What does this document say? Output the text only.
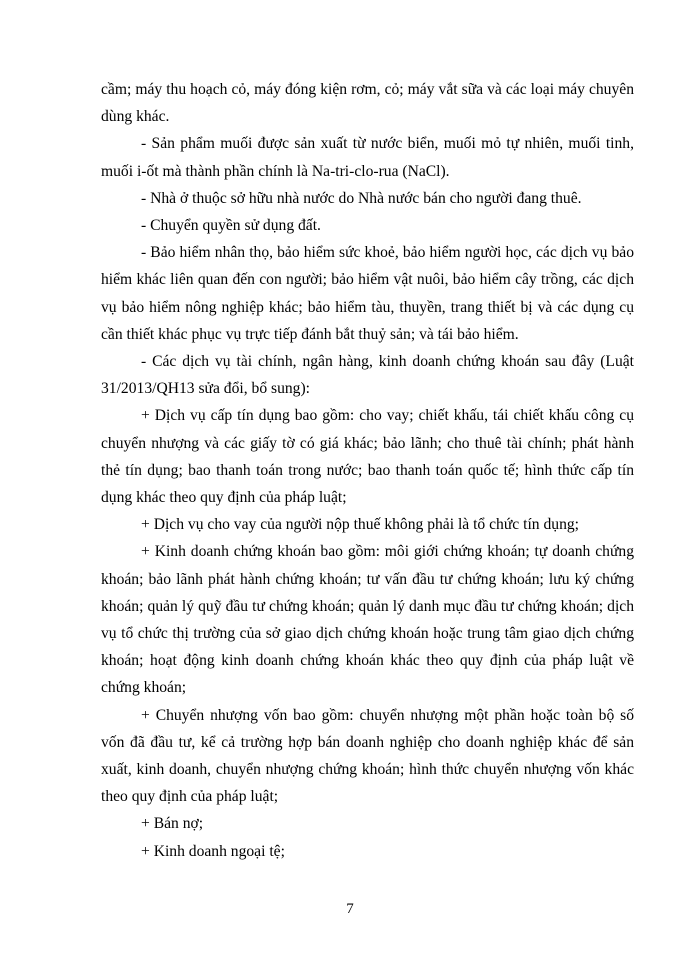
cầm; máy thu hoạch cỏ, máy đóng kiện rơm, cỏ; máy vắt sữa và các loại máy chuyên dùng khác.

- Sản phẩm muối được sản xuất từ nước biển, muối mỏ tự nhiên, muối tinh, muối i-ốt mà thành phần chính là Na-tri-clo-rua (NaCl).

- Nhà ở thuộc sở hữu nhà nước do Nhà nước bán cho người đang thuê.

- Chuyển quyền sử dụng đất.

- Bảo hiểm nhân thọ, bảo hiểm sức khoẻ, bảo hiểm người học, các dịch vụ bảo hiểm khác liên quan đến con người; bảo hiểm vật nuôi, bảo hiểm cây trồng, các dịch vụ bảo hiểm nông nghiệp khác; bảo hiểm tàu, thuyền, trang thiết bị và các dụng cụ cần thiết khác phục vụ trực tiếp đánh bắt thuỷ sản; và tái bảo hiểm.

- Các dịch vụ tài chính, ngân hàng, kinh doanh chứng khoán sau đây (Luật 31/2013/QH13 sửa đổi, bổ sung):

+ Dịch vụ cấp tín dụng bao gồm: cho vay; chiết khấu, tái chiết khấu công cụ chuyển nhượng và các giấy tờ có giá khác; bảo lãnh; cho thuê tài chính; phát hành thẻ tín dụng; bao thanh toán trong nước; bao thanh toán quốc tế; hình thức cấp tín dụng khác theo quy định của pháp luật;

+ Dịch vụ cho vay của người nộp thuế không phải là tổ chức tín dụng;

+ Kinh doanh chứng khoán bao gồm: môi giới chứng khoán; tự doanh chứng khoán; bảo lãnh phát hành chứng khoán; tư vấn đầu tư chứng khoán; lưu ký chứng khoán; quản lý quỹ đầu tư chứng khoán; quản lý danh mục đầu tư chứng khoán; dịch vụ tổ chức thị trường của sở giao dịch chứng khoán hoặc trung tâm giao dịch chứng khoán; hoạt động kinh doanh chứng khoán khác theo quy định của pháp luật về chứng khoán;

+ Chuyển nhượng vốn bao gồm: chuyển nhượng một phần hoặc toàn bộ số vốn đã đầu tư, kể cả trường hợp bán doanh nghiệp cho doanh nghiệp khác để sản xuất, kinh doanh, chuyển nhượng chứng khoán; hình thức chuyển nhượng vốn khác theo quy định của pháp luật;

+ Bán nợ;

+ Kinh doanh ngoại tệ;

7
